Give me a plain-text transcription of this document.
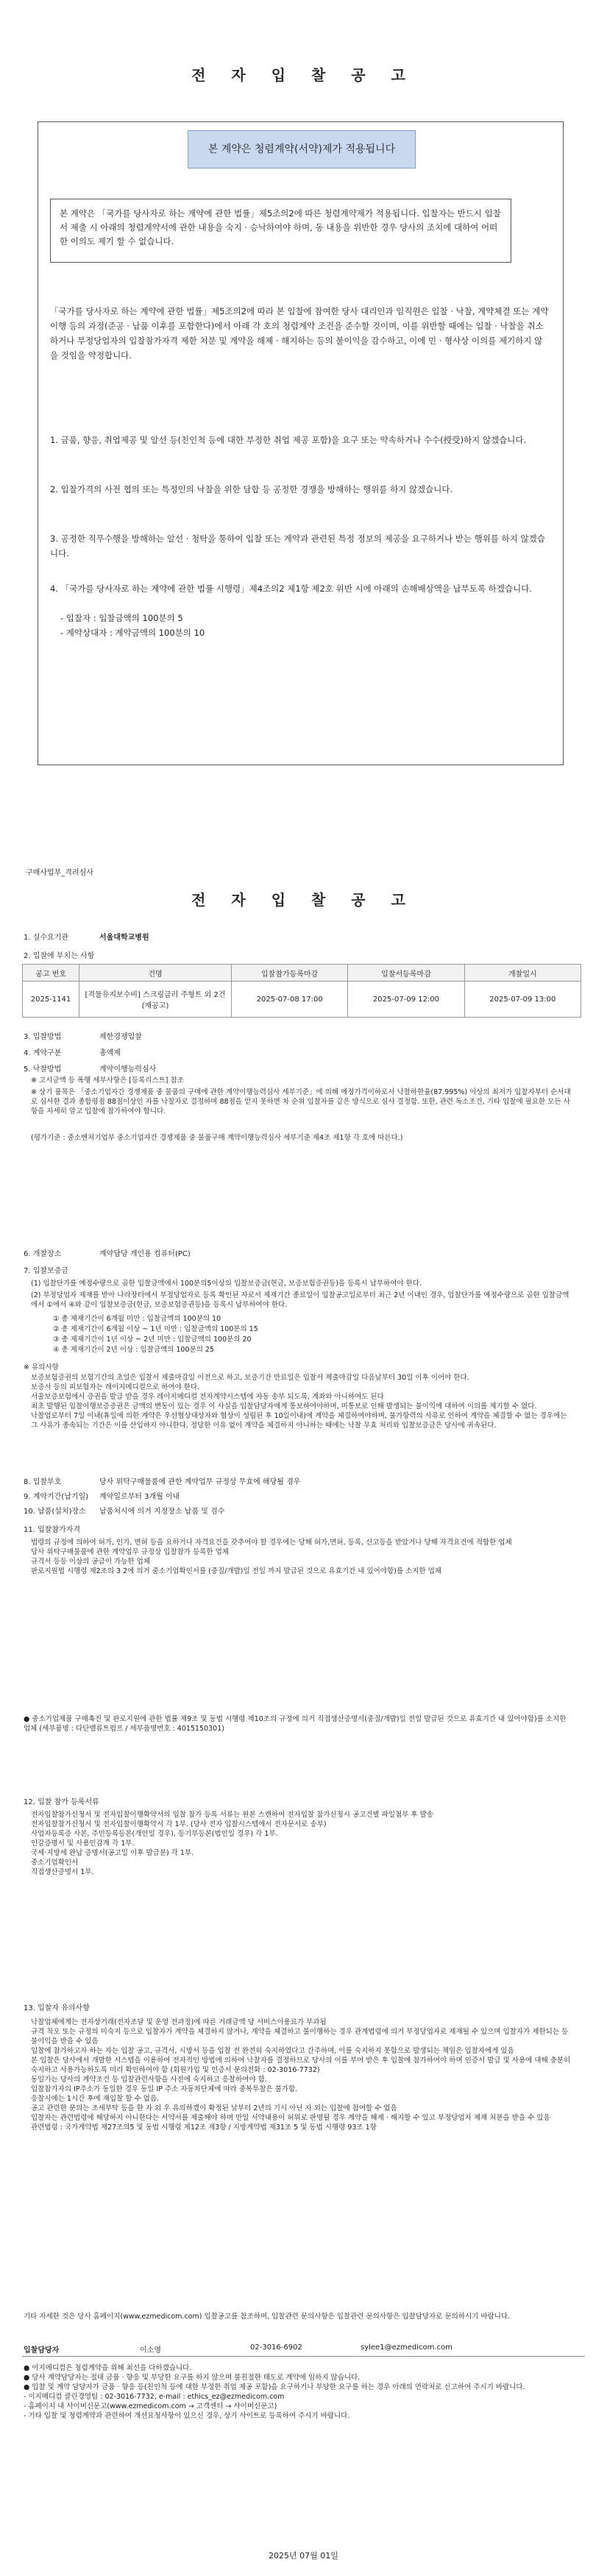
전 자 입 찰 공 고
본 계약은 청렴계약(서약)제가 적용됩니다
본 계약은 「국가를 당사자로 하는 계약에 관한 법률」제5조의2에 따른 청렴계약제가 적용됩니다. 입찰자는 반드시 입찰서 제출 시 아래의 청렴계약서에 관한 내용을 숙지 · 승낙하여야 하며, 동 내용을 위반한 경우 당사의 조치에 대하여 어떠한 이의도 제기 할 수 없습니다.
「국가를 당사자로 하는 계약에 관한 법률」제5조의2에 따라 본 입찰에 참여한 당사 대리인과 임직원은 입찰 · 낙찰, 계약체결 또는 계약이행 등의 과정(준공 · 납품 이후를 포함한다)에서 아래 각 호의 청렴계약 조건을 준수할 것이며, 이를 위반할 때에는 입찰 · 낙찰을 취소하거나 부정당업자의 입찰참가자격 제한 처분 및 계약을 해제 · 해지하는 등의 불이익을 감수하고, 이에 민 · 형사상 이의를 제기하지 않을 것임을 약정합니다.
1. 금품, 향응, 취업제공 및 알선 등(친인척 등에 대한 부정한 취업 제공 포함)을 요구 또는 약속하거나 수수(授受)하지 않겠습니다.
2. 입찰가격의 사전 협의 또는 특정인의 낙찰을 위한 담합 등 공정한 경쟁을 방해하는 행위를 하지 않겠습니다.
3. 공정한 직무수행을 방해하는 알선 · 청탁을 통하여 입찰 또는 계약과 관련된 특정 정보의 제공을 요구하거나 받는 행위를 하지 않겠습니다.
4. 「국가를 당사자로 하는 계약에 관한 법률 시행령」제4조의2 제1항 제2호 위반 시에 아래의 손해배상액을 납부토록 하겠습니다.
- 입찰자 : 입찰금액의 100분의 5
- 계약상대자 : 계약금액의 100분의 10
구매사업부_격려심사
전 자 입 찰 공 고
1. 실수요기관	서울대학교병원
2. 입찰에 부치는 사항
공고 번호	건명	입찰참가등록마감	입찰서등록마감	개찰일시
2025-1141	[격물유지보수비] 스크링클러 주형트 외 2건(재공고)	2025-07-08 17:00	2025-07-09 12:00	2025-07-09 13:00
3. 입찰방법	제한경쟁입찰
4. 계약구분	총액제
5. 낙찰방법	계약이행능력심사
※ 고시금액 등 폭행 세부사항은 [등록리스트] 참조
※ 상기 품목은 「중소기업자간 경쟁제품 중 물품의 구매에 관한 계약이행능력심사 세부기준」에 의해 예정가격이하로서 낙찰하한율(87.995%) 이상의 최저가 입찰자부터 순서대로 심사한 결과 종합평점 88점이상인 자를 낙찰자로 결정하며 88점을 얻지 못하면 차 순위 입찰자를 같은 방식으로 심사 결정함. 또한, 관련 독소조건, 기타 입찰에 필요한 모든 사항을 자세히 알고 입찰에 참가하여야 합니다.
(평가기준 : 중소벤처기업부 중소기업자간 경쟁제품 중 물품구매 계약이행능력심사 세부기준 제4조 제1항 각 호에 따른다.)
6. 개찰장소	계약담당 개인용 컴퓨터(PC)
7. 입찰보증금
(1) 입찰단가를 예정수량으로 곱한 입찰금액에서 100분의5이상의 입찰보증금(현금, 보증보험증권등)을 등록시 납부하여야 한다.
(2) 부정당업자 제재를 받아 나라장터에서 부정당업자로 등록 확인된 자로서 제재기간 종료일이 입찰공고일로부터 최근 2년 이내인 경우, 입찰단가를 예정수량으로 곱한 입찰금액에서 ①에서 ④와 같이 입찰보증금(현금, 보증보험증권등)을 등록시 납부하여야 한다.
① 총 제재기간이 6개월 미만 : 입찰금액의 100분의 10
② 총 제재기간이 6개월 이상 ~ 1년 미만 : 입찰금액의 100분의 15
③ 총 제재기간이 1년 이상 ~ 2년 미만 : 입찰금액의 100분의 20
④ 총 제재기간이 2년 이상 : 입찰금액의 100분의 25
※ 유의사항
보증보험증권의 보험기간의 초일은 입찰서 제출마감일 이전으로 하고, 보증기간 만료일은 입찰서 제출마감일 다음날부터 30일 이후 이어야 한다.
보증서 등의 피보험자는 레이지메디컬으로 하여야 한다.
서울보증보험에서 증권을 발급 받을 경우 레이지메디컬 전자계약시스템에 자동 송부 되도록, 계좌와 아니하여도 된다
최초 발행된 입찰이행보증증권은 금액의 변동이 있는 경우 이 사실을 입찰담당자에게 통보하여야하며, 미통보로 인해 발생되는 불이익에 대하여 이의를 제기할 수 없다.
낙찰업로부터 7일 이내(휴일에 의한 계약은 우선협상대상자와 협상이 성립된 후 10일이내)에 계약을 체결하여야하며, 불가항력의 사유로 인하여 계약을 체결할 수 없는 경우에는 그 사유가 종속되는 기간은 이를 산입하지 아니한다. 정당한 이유 없이 계약을 체결하지 아니하는 때에는 낙찰 무효 처리와 입찰보증금은 당사에 귀속된다.
8. 입찰부호	당사 위탁구매물품에 관한 계약업무 규정상 무효에 해당될 경우
9. 계약기간(납기일) 계약일로부터 3개월 이내
10. 납품(설치)장소 납품처시에 의거 지정장소 납품 및 검수
11. 입찰참가자격
법령의 규정에 의하여 허가, 인가, 면허 등을 요하거나 자격요건을 갖추어야 할 경우에는 당해 허가,면허, 등록, 신고등을 받았거나 당해 자격요건에 적합한 업체
당사 위탁구매물품에 관한 계약업무 규정상 입찰참가 등록한 업체
규격서 등등 이상의 공급이 가능한 업체
판로지원법 시행령 제2조의 3 2에 의거 중소기업확인서를 (중질/개발)일 전일 까지 발급된 것으로 유효기간 내 있어야함)를 소지한 업체
● 중소기업제품 구매촉진 및 판로지원에 관한 법률 제9조 및 동법 시행령 제10조의 규정에 의거 직접생산증명서(중질/개발)일 전일 발급된 것으로 유효기간 내 있어야함)를 소지한 업체 (세부품명 : 다단밸류트펌프 / 세부품명번호 : 4015150301)
12. 입찰 참가 등록서류
전자입찰참가신청서 및 전자입찰이행확약서의 입찰 참가 등록 서류는 원본 스캔하여 전자입찰 참가신청시 공고건별 파일첨부 후 발송
전자입찰참가신청서 및 전자입찰이행확약서 각 1부. (당사 전자 입찰시스템에서 전자문서로 송부)
사업자등록증 사본, 주민등록등본(개인일 경우), 등기부등본(법인일 경우) 각 1부.
인감증명서 및 사용인감계 각 1부.
국세·지방세 완납 증명서(공고일 이후 발급분) 각 1부.
중소기업확인서
직접생산증명서 1부.
13. 입찰자 유의사항
낙찰업체에게는 전자상거래(전자조달 및 운영 전과정)에 따른 거래금액 당 서비스이용료가 부과됨
규격 착오 또는 규정의 미숙지 등으로 입찰자가 계약을 체결하지 않거나, 계약을 체결하고 불이행하는 경우 관계법령에 의거 부정당업자로 제재될 수 있으며 입찰자가 제한되는 등 불이익을 받을 수 있음
입찰에 참가하고자 하는 자는 입찰 공고, 규격서, 시방서 등을 입찰 전 완전히 숙지하였다고 간주하며, 이를 숙지하지 못함으로 발생되는 책임은 입찰자에게 있음
본 입찰은 당사에서 개발한 시스템을 이용하여 전자적인 방법에 의하여 낙찰자를 결정하므로 당사의 이를 부여 받은 후 입찰에 참가하여야 하며 인증서 발급 및 사용에 대해 충분히 숙지하고 사용가능하도록 미리 확인하여야 함 (회원가입 및 인증서 문의전화 : 02-3016-7732)
동일가는 당사의 계약조건 등 입찰관련사항을 사전에 숙지하고 응찰하여야 함.
입찰참가자의 IP주소가 동일한 경우 동일 IP 주소 자동차단체에 따라 중복투찰은 불가함.
응찰시에는 1시간 후에 재입찰 할 수 없음.
공고 관련한 문의는 조세부탁 등을 한 자 외 우 유의하겠이 확정된 날부터 2년의 기시 아닌 자 외는 입찰에 참여할 수 없음
입찰자는 관련법령에 해당하지 아니한다는 서약서를 제출해야 하며 만일 서약내용이 허위로 판명될 경우 계약을 해제 · 해지할 수 있고 부정당업자 제재 처분을 받을 수 있음
관련법령 : 국가계약법 제27조의5 및 동법 시행령 제12조 제3항 / 지방계약법 제31조 5 및 동법 시행령 93조 1항
기타 자세한 것은 당사 홈페이지(www.ezmedicom.com) 입찰공고를 참조하며, 입찰관련 문의사항은 입찰관련 문의사항은 입찰담당자로 문의하시기 바랍니다.
입찰담당자	이소영	02-3016-6902	sylee1@ezmedicom.com
● 이지메디컴은 청렴계약을 위해 최선을 다하겠습니다.
● 당사 계약담당자는 절대 금품 · 향응 및 부당한 요구를 하지 않으며 불친절한 태도로 계약에 임하지 않습니다.
● 입찰 및 계약 담당자가 금품 · 향응 등(친인척 등에 대한 부정한 취업 제공 포함)을 요구하거나 부당한 요구를 하는 경우 아래의 연락처로 신고하여 주시기 바랍니다.
- 이지메디컴 클린경영팀 : 02-3016-7732, e-mail : ethics_ez@ezmedicom.com
- 홈페이지 내 사이버신문고(www.ezmedicom.com → 고객센터 → 사이버신문고)
- 기타 입찰 및 청렴계약과 관련하여 개선요청사항이 있으신 경우, 상기 사이트로 등록하여 주시기 바랍니다.
2025년 07월 01일
